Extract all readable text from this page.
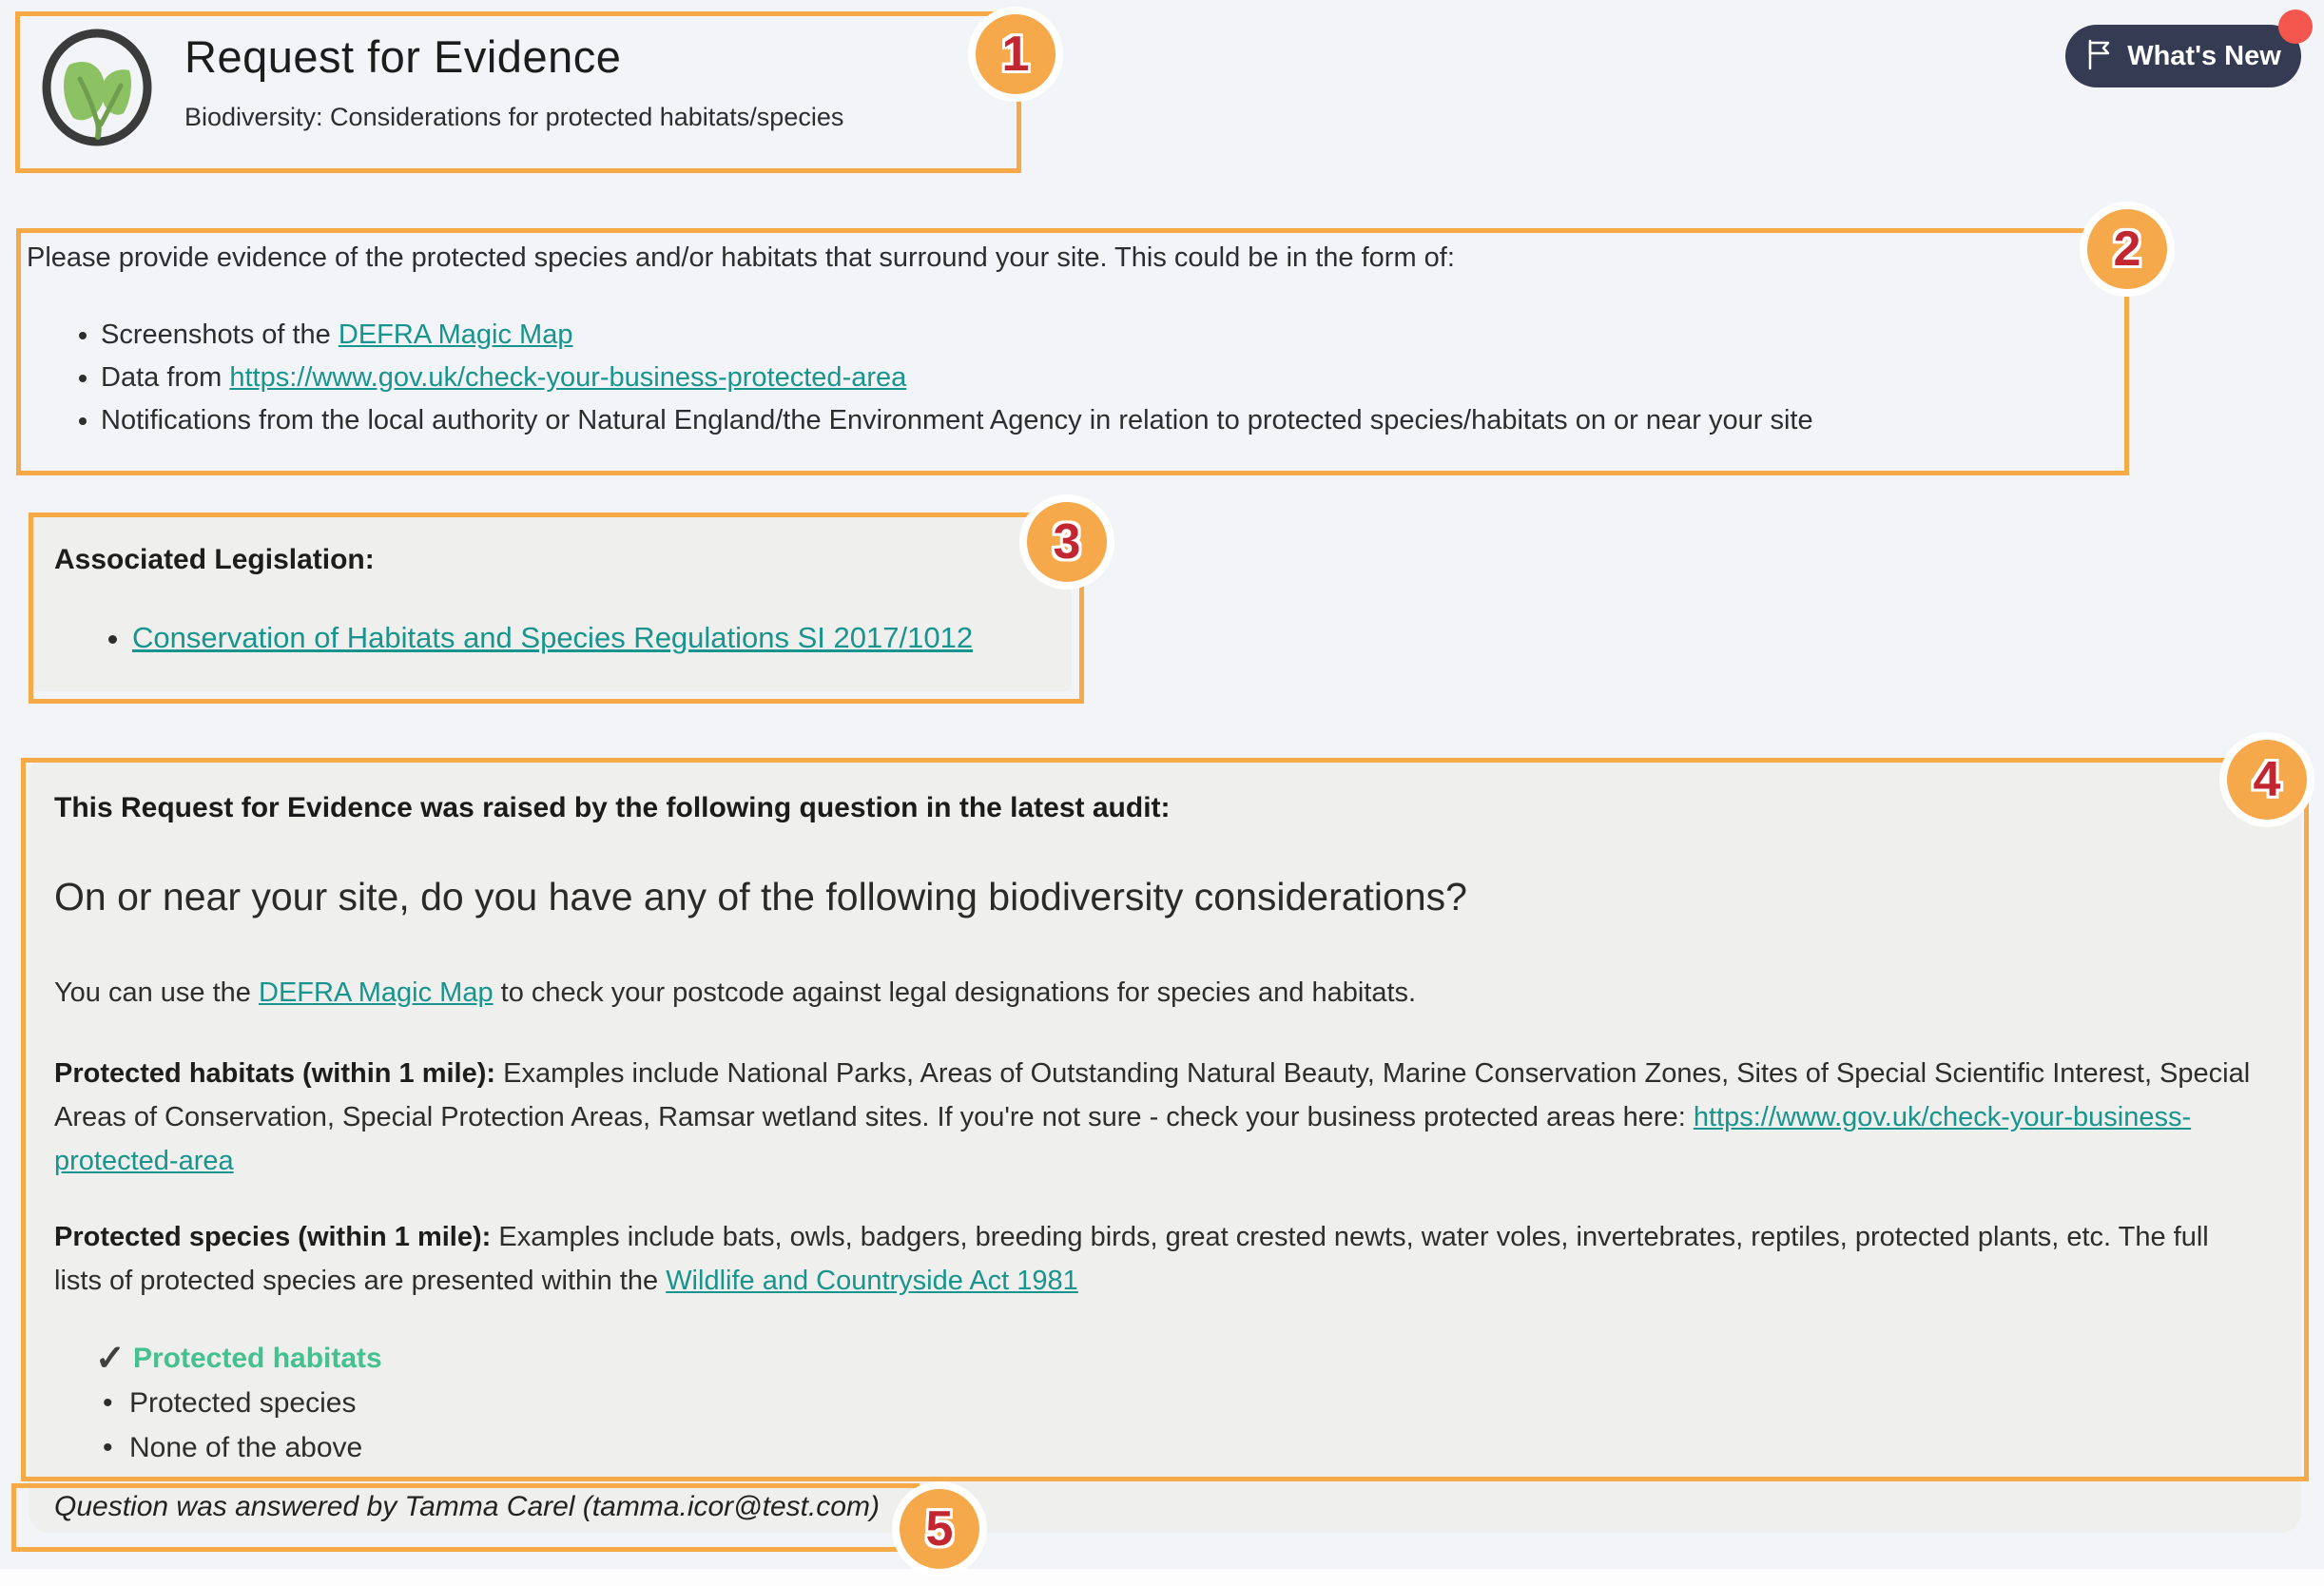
Request for Evidence
Biodiversity: Considerations for protected habitats/species
What's New
Please provide evidence of the protected species and/or habitats that surround your site. This could be in the form of:
• Screenshots of the DEFRA Magic Map
• Data from https://www.gov.uk/check-your-business-protected-area
• Notifications from the local authority or Natural England/the Environment Agency in relation to protected species/habitats on or near your site
Associated Legislation:
• Conservation of Habitats and Species Regulations SI 2017/1012
This Request for Evidence was raised by the following question in the latest audit:
On or near your site, do you have any of the following biodiversity considerations?
You can use the DEFRA Magic Map to check your postcode against legal designations for species and habitats.
Protected habitats (within 1 mile): Examples include National Parks, Areas of Outstanding Natural Beauty, Marine Conservation Zones, Sites of Special Scientific Interest, Special Areas of Conservation, Special Protection Areas, Ramsar wetland sites. If you're not sure - check your business protected areas here: https://www.gov.uk/check-your-business-protected-area
Protected species (within 1 mile): Examples include bats, owls, badgers, breeding birds, great crested newts, water voles, invertebrates, reptiles, protected plants, etc. The full lists of protected species are presented within the Wildlife and Countryside Act 1981
✓ Protected habitats
• Protected species
• None of the above
Question was answered by Tamma Carel (tamma.icor@test.com)
1
2
3
4
5
